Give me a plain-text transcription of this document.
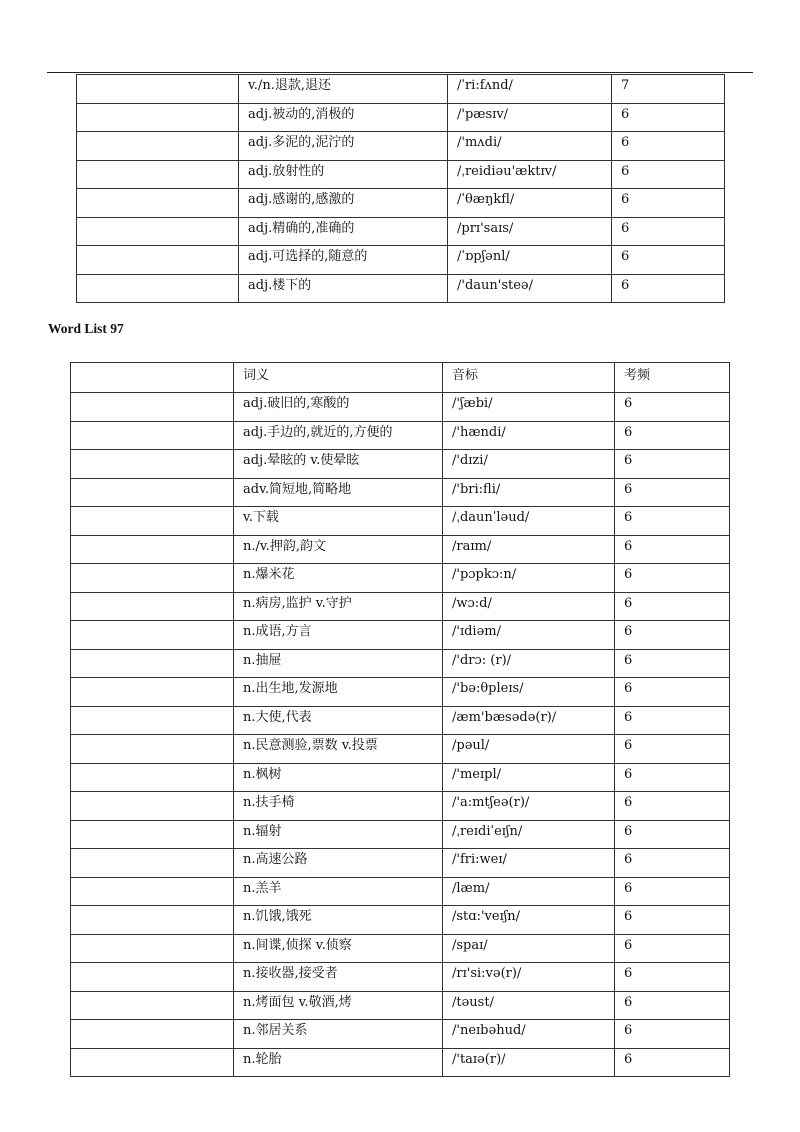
	v./n.退款,退还	/ˈri:fʌnd/	7
	adj.被动的,消极的	/'pæsɪv/	6
	adj.多泥的,泥泞的	/'mʌdi/	6
	adj.放射性的	/ˌreidiəu'æktɪv/	6
	adj.感谢的,感激的	/ˈθæŋkfl/	6
	adj.精确的,准确的	/prɪ'saɪs/	6
	adj.可选择的,随意的	/ˈɒpʃənl/	6
	adj.楼下的	/'daun'steə/	6
Word List 97
	词义	音标	考频
	adj.破旧的,寒酸的	/'ʃæbi/	6
	adj.手边的,就近的,方便的	/'hændi/	6
	adj.晕眩的 v.使晕眩	/'dɪzi/	6
	adv.简短地,简略地	/'bri:fli/	6
	v.下载	/ˌdaunˈləud/	6
	n./v.押韵,韵文	/raɪm/	6
	n.爆米花	/'pɔpkɔ:n/	6
	n.病房,监护 v.守护	/wɔ:d/	6
	n.成语,方言	/'ɪdiəm/	6
	n.抽屉	/'drɔ: (r)/	6
	n.出生地,发源地	/'bə:θpleɪs/	6
	n.大使,代表	/æm'bæsədə(r)/	6
	n.民意测验,票数 v.投票	/pəul/	6
	n.枫树	/'meɪpl/	6
	n.扶手椅	/'a:mtʃeə(r)/	6
	n.辐射	/ˌreɪdiˈeɪʃn/	6
	n.高速公路	/'fri:weɪ/	6
	n.羔羊	/læm/	6
	n.饥饿,饿死	/stɑ:'veɪʃn/	6
	n.间谍,侦探 v.侦察	/spaɪ/	6
	n.接收器,接受者	/rɪ'si:və(r)/	6
	n.烤面包 v.敬酒,烤	/təust/	6
	n.邻居关系	/'neɪbəhud/	6
	n.轮胎	/'taɪə(r)/	6
